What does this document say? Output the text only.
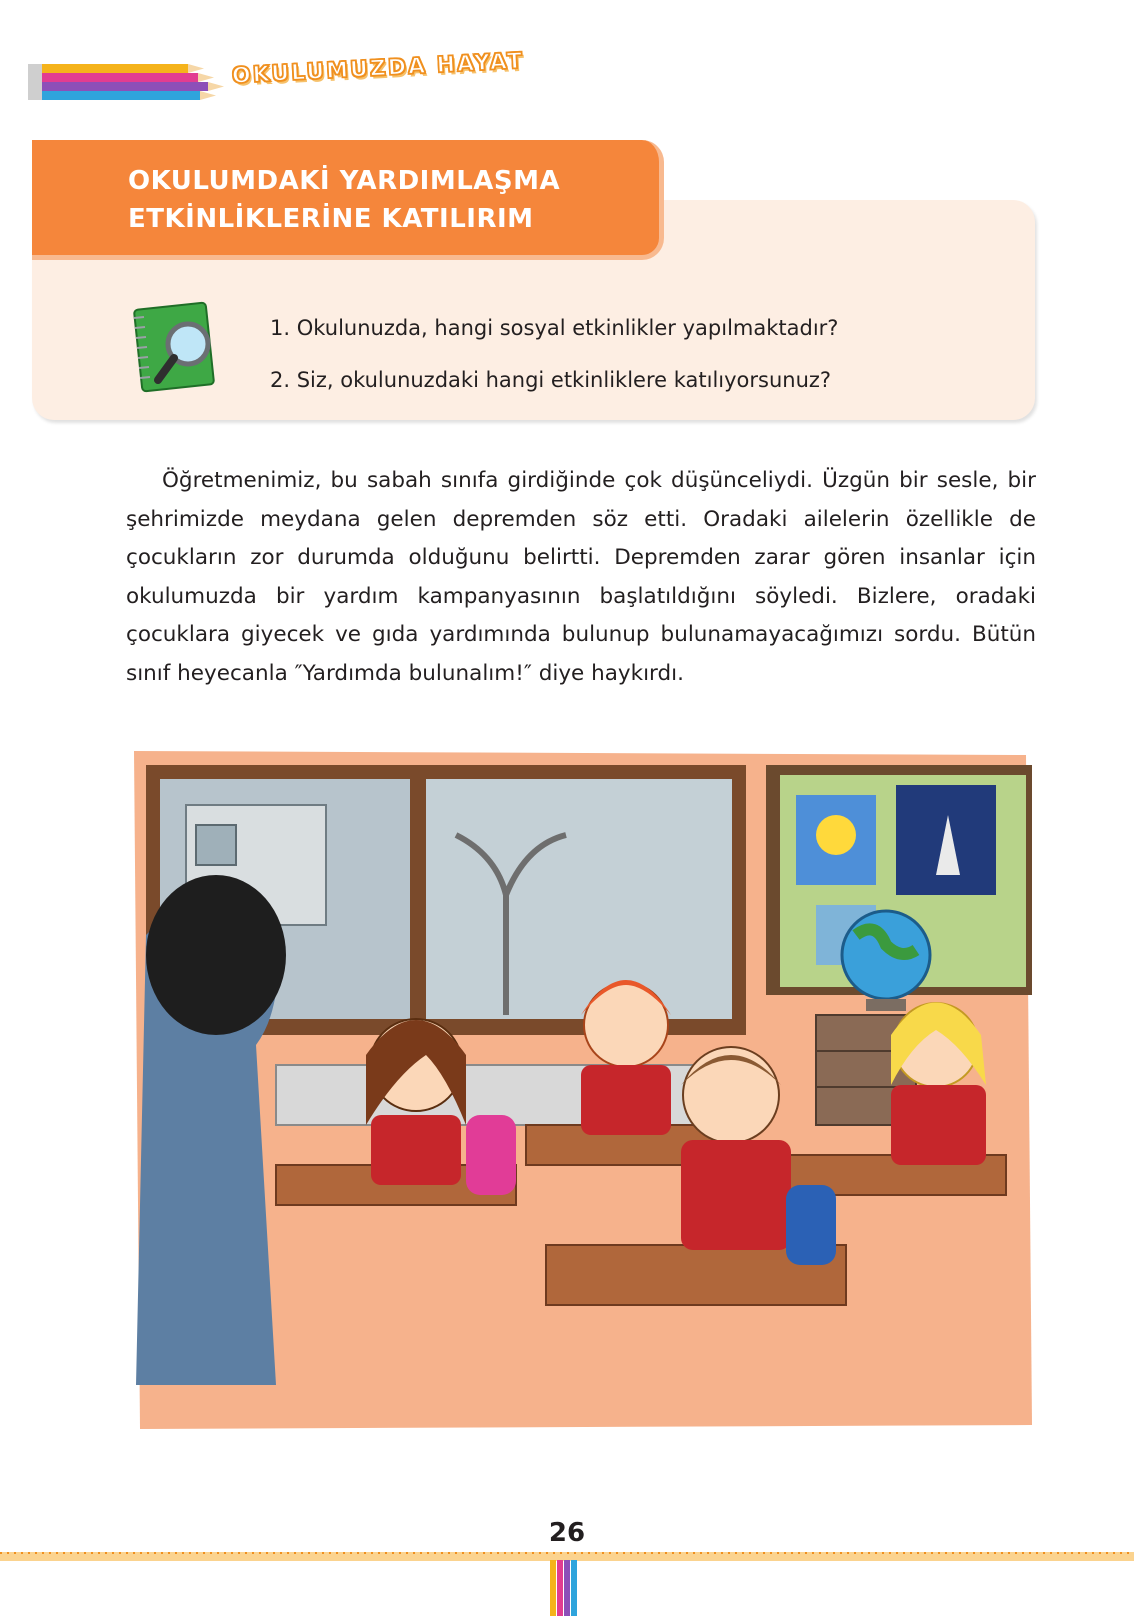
OKULUMUZDA HAYAT
OKULUMDAKİ YARDIMLAŞMA
ETKİNLİKLERİNE KATILIRIM
1. Okulunuzda, hangi sosyal etkinlikler yapılmaktadır?
2. Siz, okulunuzdaki hangi etkinliklere katılıyorsunuz?

Öğretmenimiz, bu sabah sınıfa girdiğinde çok düşünceliydi. Üzgün bir sesle, bir şehrimizde meydana gelen depremden söz etti. Oradaki ailelerin özellikle de çocukların zor durumda olduğunu belirtti. Depremden zarar gören insanlar için okulumuzda bir yardım kampanyasının başlatıldığını söyledi. Bizlere, oradaki çocuklara giyecek ve gıda yardımında bulunup bulunamayacağımızı sordu. Bütün sınıf heyecanla ″Yardımda bulunalım!″ diye haykırdı.

26
